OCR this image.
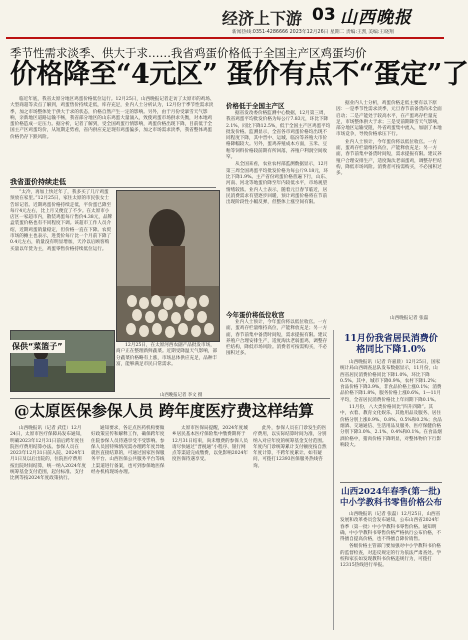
经济上下游 03 山西晚报
新闻热线:0351-4286666 2023年12月26日 星期二 责编:王凯 美编:王晓翔
季节性需求淡季、供大于求……我省鸡蛋价格低于全国主产区鸡蛋均价
价格降至“4元区” 蛋价有点不“蛋定”了

临近年底，我省太原分地区鸡蛋价格低位运行。12月25日，山西晚报记者走访了太原市的鸡场、大型商超等卖点了解到，鸡蛋售价持续走低，库存充足，业内人士分析认为，12月份于季节性需求淡季，加之市场整体处于供大于求的状态，价格自然产生一定的影响。另外，由于月份受暴雪天气影响，亲新地区道路运输不畅，我省部分地区的山东鸡蛋大量涌入，致使鸡蛋市场供求失衡，对本地鸡蛋价格造成一定压力。据分析，记者了解到，受全国鸡蛋行情影响，鸡蛋价格出现下降，目前低于全国主产区鸡蛋均价，从短期走势看，省内供应充足现有鸡蛋偏多，加之市场需求淡季，我省整体鸡蛋价格仍存下跌风险。

我省蛋价持续走低

“太冷，再加上快过年了，我多买了几斤鸡蛋预放在家里。”12月25日，家住太原的市民张女士告诉记者。近期鸡蛋价格持续走低，平价蛋已降至每斤4元左右，比上月又便宜了不少。在太原市小店区一家超市内，散装鸡蛋每斤售价4.38元，品牌盒装蛋价格也有不同程度下调。该超市工作人员介绍，近期鸡蛋销量稳定，但价格一直在下降。农贸市场的摊主也表示，进货价每斤比一个月前下降了0.4元左右，销量没有明显增加，天冷以后顾客购买量以年货为主，鸡蛋零售价格持续低位运行。

价格低于全国主产区

据省发改委价格监测中心数据，12月第三周，我省鸡蛋平均批发价格为每公斤7.83元，环比下降2.1%，同比下降12.5%，低于全国主产区鸡蛋平均批发价格。监测显示，全省各市鸡蛋价格均出现不同程度下降，其中晋中、运城、临汾等养殖大市价格降幅较大。另外，蛋鸡养殖成本方面，玉米、豆粕等饲料价格较前期有所回落，养殖户利润空间收窄。

从全国来看，农业农村部监测数据显示，12月第三周全国鸡蛋平均批发价格为每公斤9.18元，环比下降1.9%。主产省份鸡蛋价格普遍下行，山东、河南、河北等地蛋价降至年内较低水平，市场观望情绪较浓。业内人士表示，随着元旦春节临近，居民消费需求有望逐步回暖，预计鸡蛋价格将在节前出现阶段性小幅反弹，但整体上涨空间有限。

今年蛋价将低位收官

业内人士预计，今年蛋价将以低位收官。一方面，蛋鸡存栏量维持高位，产能释放充足；另一方面，春节前集中备货时间短，需求提振有限。建议养殖户合理安排生产，适度淘汰老弱蛋鸡，调整存栏结构，降低市场风险。消费者可按需购买，不必囤积过多。

据业内人士分析，鸡蛋价格走低主要有以下原因：一是季节性需求淡季，元旦春节前备货尚未全面启动；二是产能处于较高水平，在产蛋鸡存栏量充足，市场整体供大于求；三是受前期降雪天气影响，部分地区运输受阻，外省鸡蛋集中流入，加剧了本地市场竞争，导致价格承压下行。

业内人士预计，今年蛋价将以低位收官。一方面，蛋鸡存栏量维持高位，产能释放充足；另一方面，春节前集中备货时间短，需求提振有限。建议养殖户合理安排生产，适度淘汰老弱蛋鸡，调整存栏结构，降低市场风险。消费者可按需购买，不必囤积过多。

山西晚报记者 张磊
保供“菜篮子”	12月25日，在太原河西农副产品批发市场，商户正在整理新鲜蔬菜。近期受降温天气影响，部分蔬菜价格略有上涨，市场总体供应充足，品种丰富，能够满足市民日常需求。

山西晚报记者 李文 摄
11月份我省居民消费价格同比下降1.0%

山西晚报讯（记者 许嘉晨）12月25日，国家统计局山西调查总队发布数据显示，11月份，山西省居民消费价格同比下降1.0%，环比下降0.5%。其中，城市下降0.9%，农村下降1.2%；食品价格下降3.9%，非食品价格上涨0.1%；消费品价格下降1.8%，服务价格上涨0.6%。1—11月平均，全省居民消费价格比上年同期下降0.1%。

11月份，八大类价格同比“四升四降”。其中，衣着、教育文化娱乐、其他用品及服务、居住价格分别上涨0.9%、0.8%、0.5%和0.2%；食品烟酒、交通通信、生活用品及服务、医疗保健价格分别下降3.0%、2.1%、0.4%和0.1%。在食品烟酒价格中，猪肉价格下降明显，对整体物价下行影响较大。

山西2024年春季(第一批)中小学教科书零售价格公布

山西晚报讯（记者 张磊）12月25日，山西省发展和改革委员会发布通知，公布山西省2024年春季（第一批）中小学教科书零售价格。通知明确，中小学教科书零售价格严格执行公布价格，不得擅自提高价格，也不得擅自降价销售。

各级价格主管部门要加强对中小学教科书价格的监督检查，对违反规定的行为依法严肃查处。学校和家长如发现教科书价格违规行为，可拨打12315热线进行举报。

@太原医保参保人员 跨年度医疗费这样结算

山西晚报讯（记者 武佳）12月24日，太原市医疗保障局发布通知，明确2023年12月31日前后跨年度住院医疗费用结算办法。参保人员在2023年12月31日前入院、2024年1月1日及以后出院的，住院医疗费用按出院时间结算，统一纳入2024年度统筹基金支付范围，起付标准、支付比例等按2024年度政策执行。

通知要求，各定点医药机构要做好政策宣传和解释工作，确保跨年度住院参保人员待遇享受不受影响。参保人员因特殊情况需办理跨年度异地就医直接结算的，可通过国家医保服务平台、山西医保公共服务平台等线上渠道进行备案，也可到参保地医保经办机构现场办理。

太原市医保局提醒，2024年度城乡居民基本医疗保险集中缴费期将于12月31日结束，尚未缴费的参保人员请尽快通过“晋税通”小程序、银行网点等渠道完成缴费，以免影响2024年度医保待遇享受。

此外，参保人员在门诊发生的医疗费用，以实际结算时间为准，分别纳入对应年度的统筹基金支付范围。年度内门诊统筹累计支付额度按自然年度计算，不跨年度累计。如有疑问，可拨打12393医保服务热线咨询。
